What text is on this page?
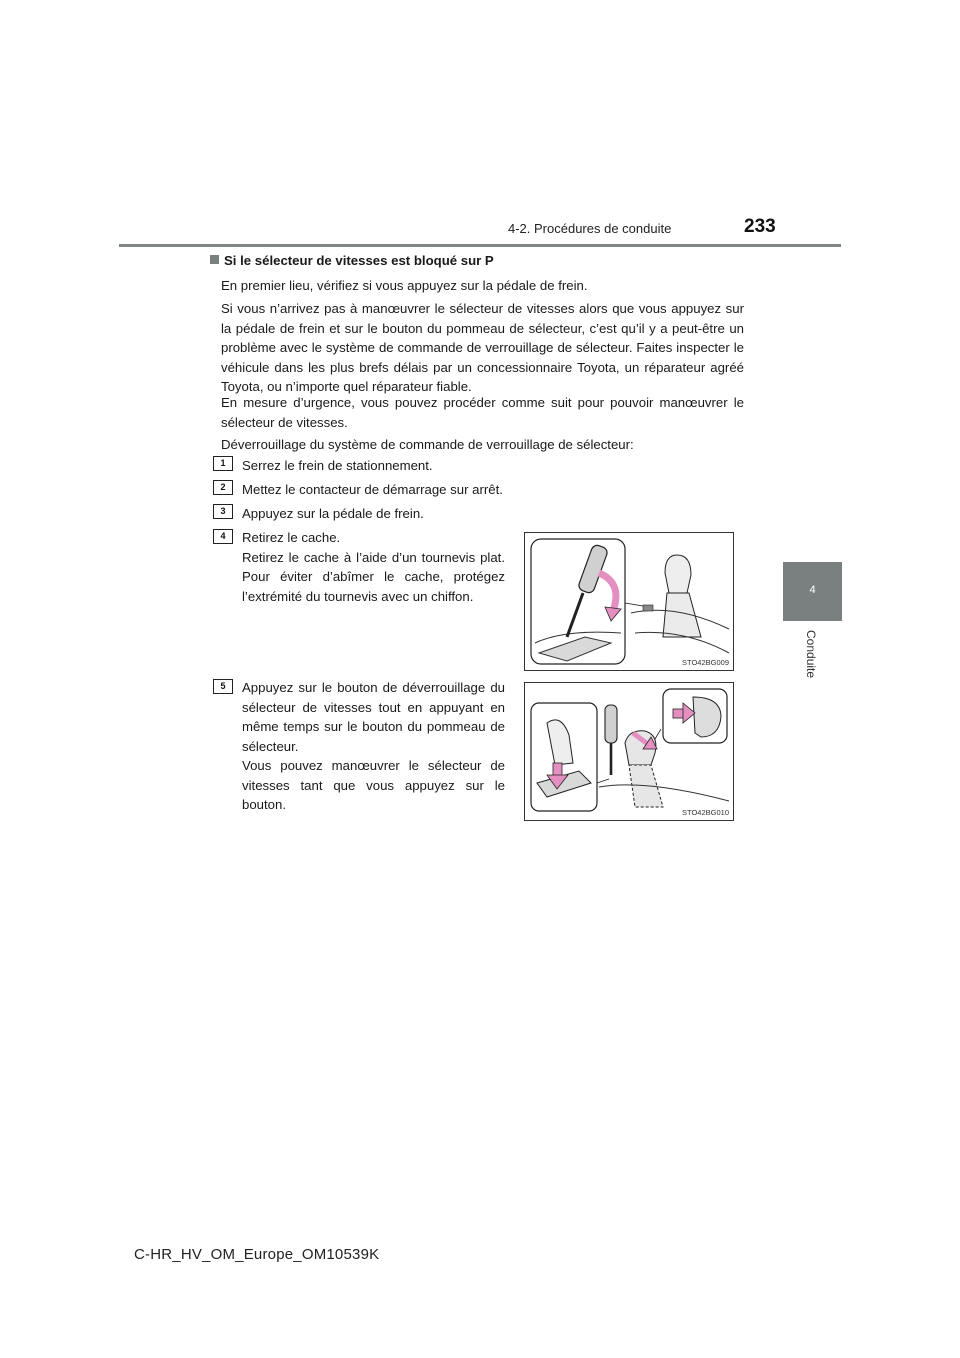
4-2. Procédures de conduite	233
4
Conduite
Si le sélecteur de vitesses est bloqué sur P

En premier lieu, vérifiez si vous appuyez sur la pédale de frein.

Si vous n’arrivez pas à manœuvrer le sélecteur de vitesses alors que vous appuyez sur la pédale de frein et sur le bouton du pommeau de sélecteur, c’est qu’il y a peut-être un problème avec le système de commande de verrouillage de sélecteur. Faites inspecter le véhicule dans les plus brefs délais par un concessionnaire Toyota, un réparateur agréé Toyota, ou n’importe quel réparateur fiable.

En mesure d’urgence, vous pouvez procéder comme suit pour pouvoir manœuvrer le sélecteur de vitesses.

Déverrouillage du système de commande de verrouillage de sélecteur:

1	Serrez le frein de stationnement.

2	Mettez le contacteur de démarrage sur arrêt.

3	Appuyez sur la pédale de frein.

4	Retirez le cache.
Retirez le cache à l’aide d’un tournevis plat. Pour éviter d’abîmer le cache, protégez l’extrémité du tournevis avec un chiffon.

STO42BG009
5	Appuyez sur le bouton de déverrouillage du sélecteur de vitesses tout en appuyant en même temps sur le bouton du pommeau de sélecteur.
Vous pouvez manœuvrer le sélecteur de vitesses tant que vous appuyez sur le bouton.

STO42BG010
C-HR_HV_OM_Europe_OM10539K
